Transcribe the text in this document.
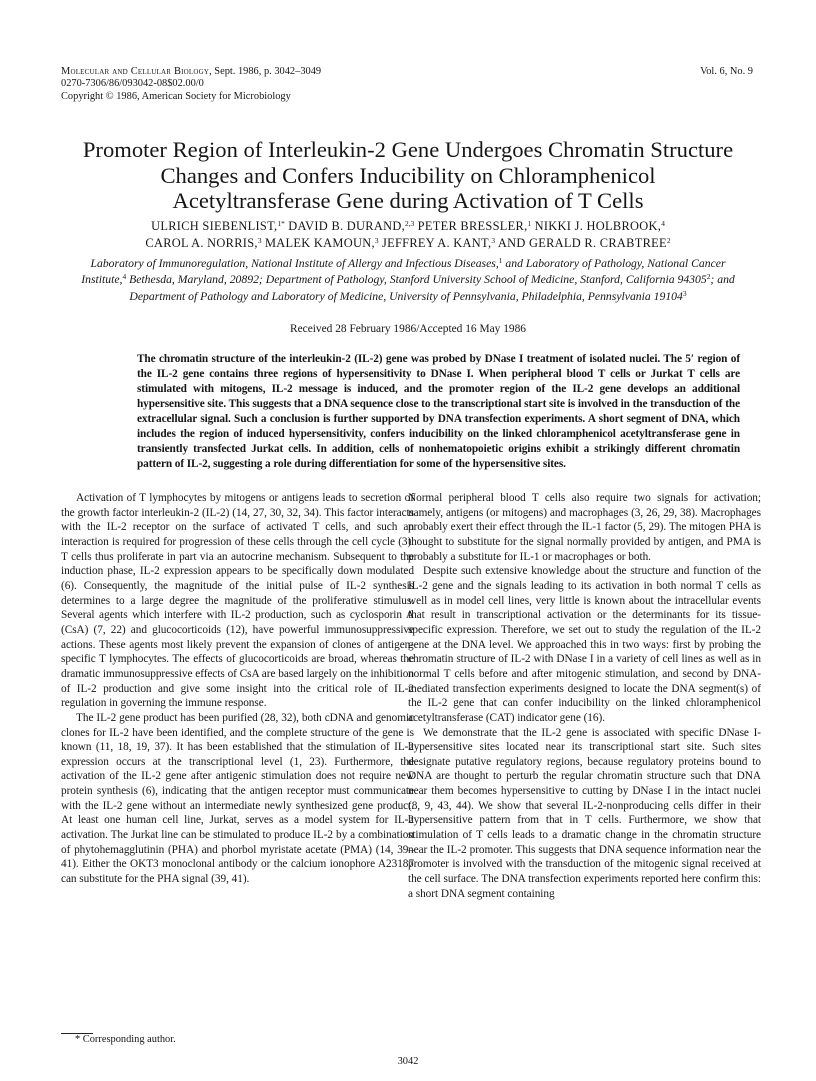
Molecular and Cellular Biology, Sept. 1986, p. 3042–3049	Vol. 6, No. 9
0270-7306/86/093042-08$02.00/0
Copyright © 1986, American Society for Microbiology
Promoter Region of Interleukin-2 Gene Undergoes Chromatin Structure Changes and Confers Inducibility on Chloramphenicol Acetyltransferase Gene during Activation of T Cells
ULRICH SIEBENLIST,$^{1*}$ DAVID B. DURAND,$^{2,3}$ PETER BRESSLER,$^1$ NIKKI J. HOLBROOK,$^4$
CAROL A. NORRIS,$^3$ MALEK KAMOUN,$^3$ JEFFREY A. KANT,$^3$ AND GERALD R. CRABTREE$^2$
Laboratory of Immunoregulation, National Institute of Allergy and Infectious Diseases,$^1$ and Laboratory of Pathology, National Cancer Institute,$^4$ Bethesda, Maryland, 20892; Department of Pathology, Stanford University School of Medicine, Stanford, California 94305$^2$; and Department of Pathology and Laboratory of Medicine, University of Pennsylvania, Philadelphia, Pennsylvania 19104$^3$
Received 28 February 1986/Accepted 16 May 1986

The chromatin structure of the interleukin-2 (IL-2) gene was probed by DNase I treatment of isolated nuclei. The 5′ region of the IL-2 gene contains three regions of hypersensitivity to DNase I. When peripheral blood T cells or Jurkat T cells are stimulated with mitogens, IL-2 message is induced, and the promoter region of the IL-2 gene develops an additional hypersensitive site. This suggests that a DNA sequence close to the transcriptional start site is involved in the transduction of the extracellular signal. Such a conclusion is further supported by DNA transfection experiments. A short segment of DNA, which includes the region of induced hypersensitivity, confers inducibility on the linked chloramphenicol acetyltransferase gene in transiently transfected Jurkat cells. In addition, cells of nonhematopoietic origins exhibit a strikingly different chromatin pattern of IL-2, suggesting a role during differentiation for some of the hypersensitive sites.

Activation of T lymphocytes by mitogens or antigens leads to secretion of the growth factor interleukin-2 (IL-2) (14, 27, 30, 32, 34). This factor interacts with the IL-2 receptor on the surface of activated T cells, and such an interaction is required for progression of these cells through the cell cycle (3). T cells thus proliferate in part via an autocrine mechanism. Subsequent to the induction phase, IL-2 expression appears to be specifically down modulated (6). Consequently, the magnitude of the initial pulse of IL-2 synthesis determines to a large degree the magnitude of the proliferative stimulus. Several agents which interfere with IL-2 production, such as cyclosporin A (CsA) (7, 22) and glucocorticoids (12), have powerful immunosuppressive actions. These agents most likely prevent the expansion of clones of antigen-specific T lymphocytes. The effects of glucocorticoids are broad, whereas the dramatic immunosuppressive effects of CsA are based largely on the inhibition of IL-2 production and give some insight into the critical role of IL-2 regulation in governing the immune response.

The IL-2 gene product has been purified (28, 32), both cDNA and genomic clones for IL-2 have been identified, and the complete structure of the gene is known (11, 18, 19, 37). It has been established that the stimulation of IL-2 expression occurs at the transcriptional level (1, 23). Furthermore, the activation of the IL-2 gene after antigenic stimulation does not require new protein synthesis (6), indicating that the antigen receptor must communicate with the IL-2 gene without an intermediate newly synthesized gene product. At least one human cell line, Jurkat, serves as a model system for IL-2 activation. The Jurkat line can be stimulated to produce IL-2 by a combination of phytohemagglutinin (PHA) and phorbol myristate acetate (PMA) (14, 39–41). Either the OKT3 monoclonal antibody or the calcium ionophore A23187 can substitute for the PHA signal (39, 41).

Normal peripheral blood T cells also require two signals for activation; namely, antigens (or mitogens) and macrophages (3, 26, 29, 38). Macrophages probably exert their effect through the IL-1 factor (5, 29). The mitogen PHA is thought to substitute for the signal normally provided by antigen, and PMA is probably a substitute for IL-1 or macrophages or both.

Despite such extensive knowledge about the structure and function of the IL-2 gene and the signals leading to its activation in both normal T cells as well as in model cell lines, very little is known about the intracellular events that result in transcriptional activation or the determinants for its tissue-specific expression. Therefore, we set out to study the regulation of the IL-2 gene at the DNA level. We approached this in two ways: first by probing the chromatin structure of IL-2 with DNase I in a variety of cell lines as well as in normal T cells before and after mitogenic stimulation, and second by DNA-mediated transfection experiments designed to locate the DNA segment(s) of the IL-2 gene that can confer inducibility on the linked chloramphenicol acetyltransferase (CAT) indicator gene (16).

We demonstrate that the IL-2 gene is associated with specific DNase I-hypersensitive sites located near its transcriptional start site. Such sites designate putative regulatory regions, because regulatory proteins bound to DNA are thought to perturb the regular chromatin structure such that DNA near them becomes hypersensitive to cutting by DNase I in the intact nuclei (8, 9, 43, 44). We show that several IL-2-nonproducing cells differ in their hypersensitive pattern from that in T cells. Furthermore, we show that stimulation of T cells leads to a dramatic change in the chromatin structure near the IL-2 promoter. This suggests that DNA sequence information near the promoter is involved with the transduction of the mitogenic signal received at the cell surface. The DNA transfection experiments reported here confirm this: a short DNA segment containing

* Corresponding author.
3042
